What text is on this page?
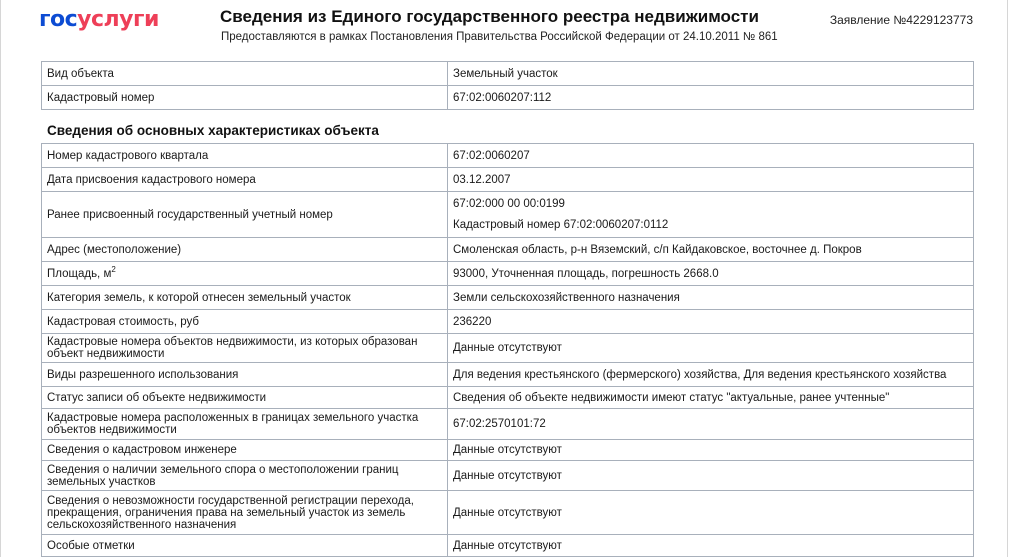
госуслуги	Сведения из Единого государственного реестра недвижимости
Предоставляются в рамках Постановления Правительства Российской Федерации от 24.10.2011 № 861
Заявление №4229123773
Вид объекта	Земельный участок
Кадастровый номер	67:02:0060207:112
Сведения об основных характеристиках объекта
Номер кадастрового квартала	67:02:0060207
Дата присвоения кадастрового номера	03.12.2007
Ранее присвоенный государственный учетный номер	67:02:000 00 00:0199
Кадастровый номер 67:02:0060207:0112

Адрес (местоположение)	Смоленская область, р-н Вяземский, с/п Кайдаковское, восточнее д. Покров
Площадь, $м^2$	93000, Уточненная площадь, погрешность 2668.0
Категория земель, к которой отнесен земельный участок	Земли сельскохозяйственного назначения
Кадастровая стоимость, руб	236220
Кадастровые номера объектов недвижимости, из которых образован объект недвижимости	Данные отсутствуют
Виды разрешенного использования	Для ведения крестьянского (фермерского) хозяйства, Для ведения крестьянского хозяйства
Статус записи об объекте недвижимости	Сведения об объекте недвижимости имеют статус "актуальные, ранее учтенные"
Кадастровые номера расположенных в границах земельного участка объектов недвижимости	67:02:2570101:72
Сведения о кадастровом инженере	Данные отсутствуют
Сведения о наличии земельного спора о местоположении границ земельных участков	Данные отсутствуют
Сведения о невозможности государственной регистрации перехода, прекращения, ограничения права на земельный участок из земель сельскохозяйственного назначения	Данные отсутствуют
Особые отметки	Данные отсутствуют
